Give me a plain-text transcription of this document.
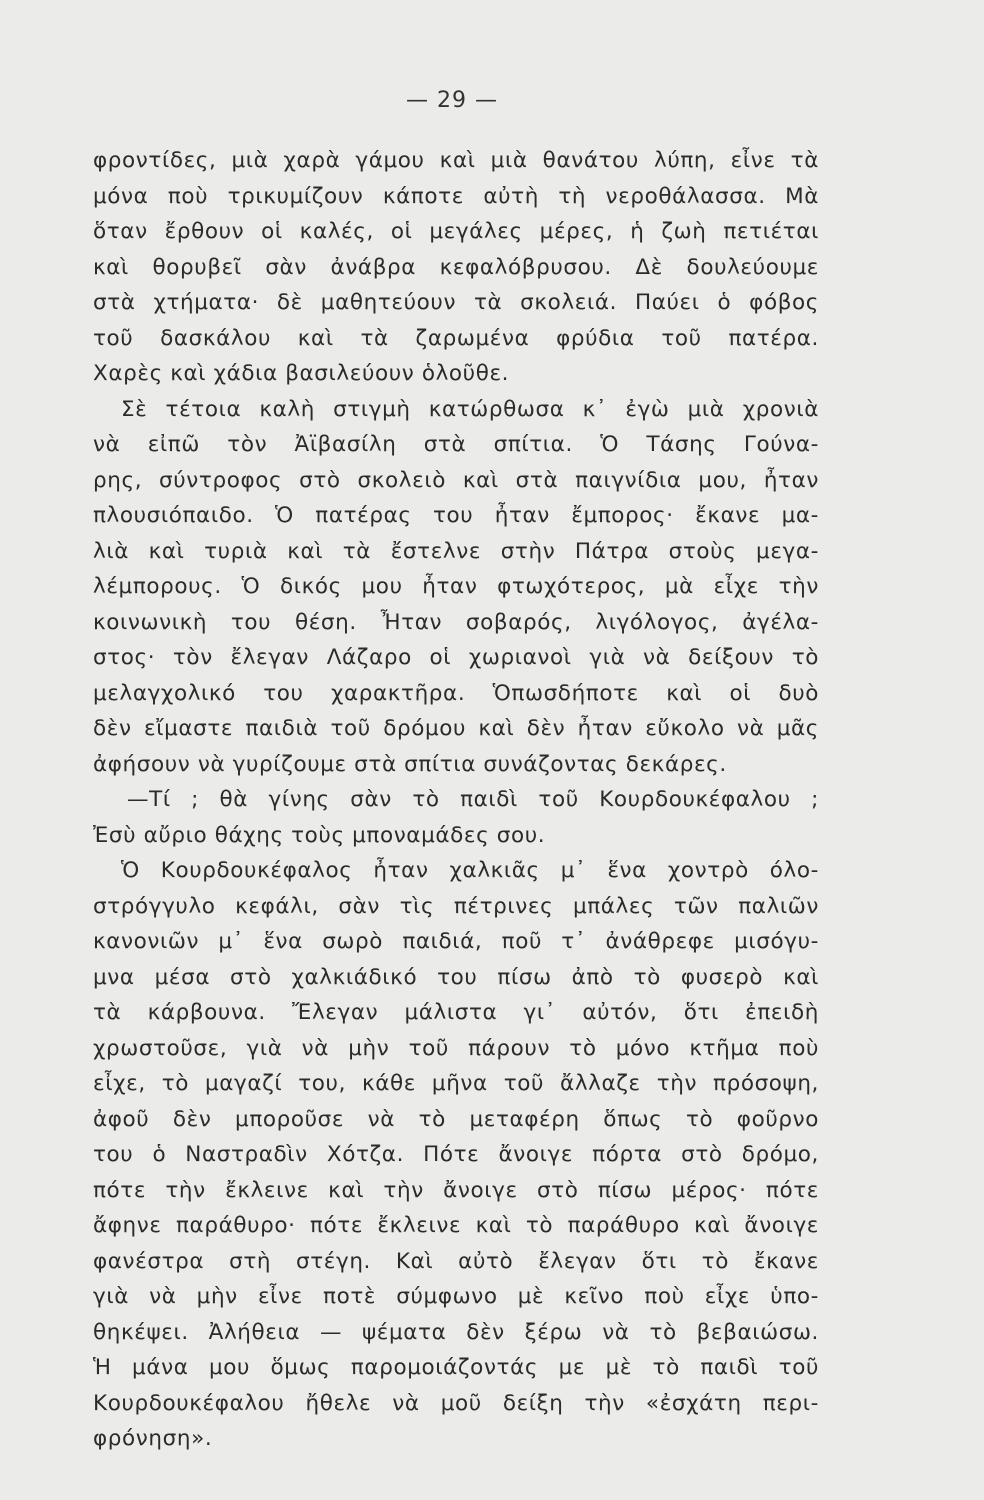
— 29 —
φροντίδες, μιὰ χαρὰ γάμου καὶ μιὰ θανάτου λύπη, εἶνε τὰ
μόνα ποὺ τρικυμίζουν κάποτε αὐτὴ τὴ νεροθάλασσα. Μὰ
ὅταν ἔρθουν οἱ καλές, οἱ μεγάλες μέρες, ἡ ζωὴ πετιέται
καὶ θορυβεῖ σὰν ἀνάβρα κεφαλόβρυσου. Δὲ δουλεύουμε
στὰ χτήματα· δὲ μαθητεύουν τὰ σκολειά. Παύει ὁ φόβος
τοῦ δασκάλου καὶ τὰ ζαρωμένα φρύδια τοῦ πατέρα.
Χαρὲς καὶ χάδια βασιλεύουν ὁλοῦθε.
Σὲ τέτοια καλὴ στιγμὴ κατώρθωσα κ᾽ ἐγὼ μιὰ χρονιὰ
νὰ εἰπῶ τὸν Ἀϊβασίλη στὰ σπίτια. Ὁ Τάσης Γούνα-
ρης, σύντροφος στὸ σκολειὸ καὶ στὰ παιγνίδια μου, ἦταν
πλουσιόπαιδο. Ὁ πατέρας του ἦταν ἔμπορος· ἔκανε μα-
λιὰ καὶ τυριὰ καὶ τὰ ἔστελνε στὴν Πάτρα στοὺς μεγα-
λέμπορους. Ὁ δικός μου ἦταν φτωχότερος, μὰ εἶχε τὴν
κοινωνικὴ του θέση. Ἦταν σοβαρός, λιγόλογος, ἀγέλα-
στος· τὸν ἔλεγαν Λάζαρο οἱ χωριανοὶ γιὰ νὰ δείξουν τὸ
μελαγχολικό του χαρακτῆρα. Ὁπωσδήποτε καὶ οἱ δυὸ
δὲν εἴμαστε παιδιὰ τοῦ δρόμου καὶ δὲν ἦταν εὔκολο νὰ μᾶς
ἀφήσουν νὰ γυρίζουμε στὰ σπίτια συνάζοντας δεκάρες.
—Τί ; θὰ γίνης σὰν τὸ παιδὶ τοῦ Κουρδουκέφαλου ;
Ἐσὺ αὔριο θάχης τοὺς μποναμάδες σου.
Ὁ Κουρδουκέφαλος ἦταν χαλκιᾶς μ᾽ ἕνα χοντρὸ όλο-
στρόγγυλο κεφάλι, σὰν τὶς πέτρινες μπάλες τῶν παλιῶν
κανονιῶν μ᾽ ἕνα σωρὸ παιδιά, ποῦ τ᾽ ἀνάθρεφε μισόγυ-
μνα μέσα στὸ χαλκιάδικό του πίσω ἀπὸ τὸ φυσερὸ καὶ
τὰ κάρβουνα. Ἔλεγαν μάλιστα γι᾽ αὐτόν, ὅτι ἐπειδὴ
χρωστοῦσε, γιὰ νὰ μὴν τοῦ πάρουν τὸ μόνο κτῆμα ποὺ
εἶχε, τὸ μαγαζί του, κάθε μῆνα τοῦ ἄλλαζε τὴν πρόσοψη,
ἀφοῦ δὲν μποροῦσε νὰ τὸ μεταφέρη ὅπως τὸ φοῦρνο
του ὁ Ναστραδὶν Χότζα. Πότε ἄνοιγε πόρτα στὸ δρόμο,
πότε τὴν ἔκλεινε καὶ τὴν ἄνοιγε στὸ πίσω μέρος· πότε
ἄφηνε παράθυρο· πότε ἔκλεινε καὶ τὸ παράθυρο καὶ ἄνοιγε
φανέστρα στὴ στέγη. Καὶ αὐτὸ ἔλεγαν ὅτι τὸ ἔκανε
γιὰ νὰ μὴν εἶνε ποτὲ σύμφωνο μὲ κεῖνο ποὺ εἶχε ὑπο-
θηκέψει. Ἀλήθεια — ψέματα δὲν ξέρω νὰ τὸ βεβαιώσω.
Ἡ μάνα μου ὅμως παρομοιάζοντάς με μὲ τὸ παιδὶ τοῦ
Κουρδουκέφαλου ἤθελε νὰ μοῦ δείξη τὴν «ἐσχάτη περι-
φρόνηση».
